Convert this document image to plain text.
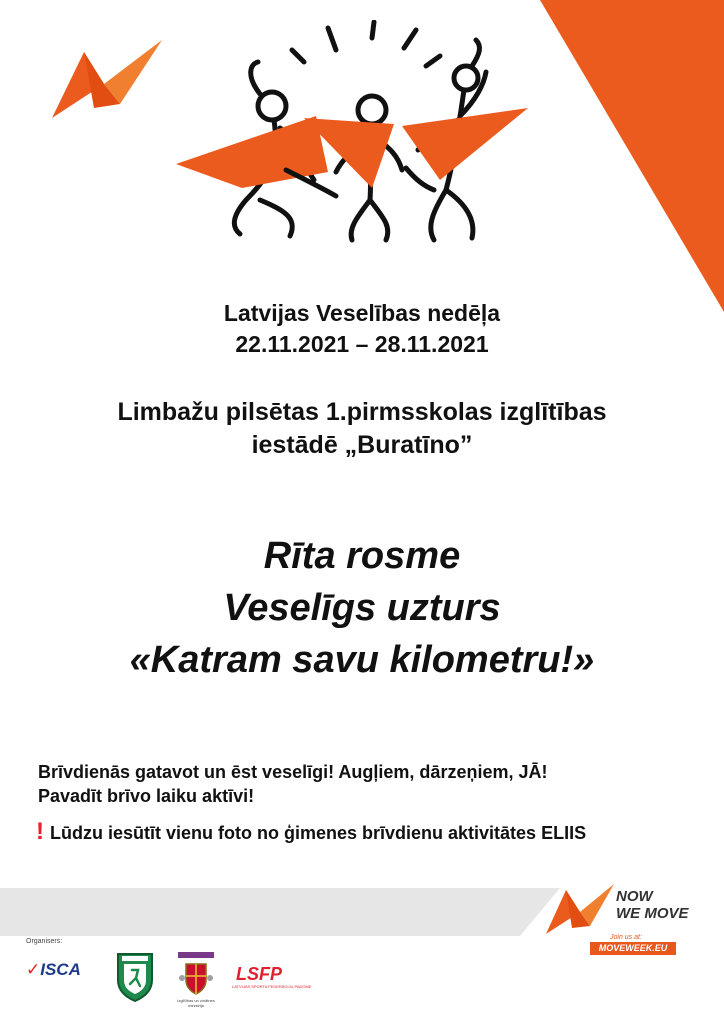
Latvijas Veselības nedēļa
22.11.2021 – 28.11.2021
Limbažu pilsētas 1.pirmsskolas izglītības
iestādē „Buratīno”
Rīta rosme
Veselīgs uzturs
«Katram savu kilometru!»
Brīvdienās gatavot un ēst veselīgi! Augļiem, dārzeņiem, JĀ!
Pavadīt brīvo laiku aktīvi!
! Lūdzu iesūtīt vienu foto no ģimenes brīvdienu aktivitātes ELIIS
NOW
WE MOVE
Join us at:
MOVEWEEK.EU
Organisers:
✓ISCA
Izglītības un zinātnes ministrija
LSFP
LATVIJAS SPORTA FEDERĀCIJU PADOME
